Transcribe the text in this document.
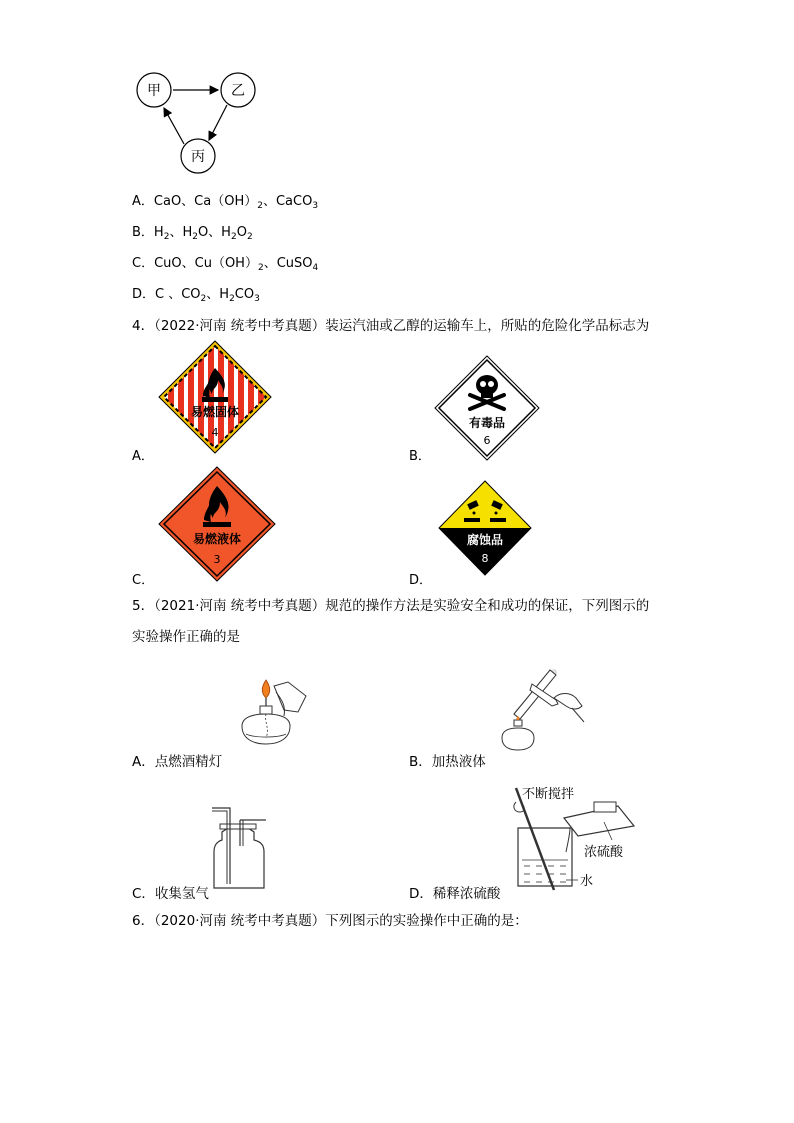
甲	乙
丙
A．CaO、$Ca(OH)_2$、CaCO$_3$
B．$H_2$、$H_2O$、$H_2O_2$
C．CuO、$Cu(OH)_2$、CuSO$_4$
D．C 、$CO_2$、$H_2CO_3$
4．（2022·河南 统考中考真题）装运汽油或乙醇的运输车上，所贴的危险化学品标志为
易燃固体
4
A．
有毒品
6
B．
易燃液体
3
C．
腐蚀品
8
D．
5．（2021·河南 统考中考真题）规范的操作方法是实验安全和成功的保证，下列图示的
实验操作正确的是
A．点燃酒精灯	B．加热液体
C．收集氢气
不断搅拌
浓硫酸
水
D．稀释浓硫酸
6．（2020·河南 统考中考真题）下列图示的实验操作中正确的是：
